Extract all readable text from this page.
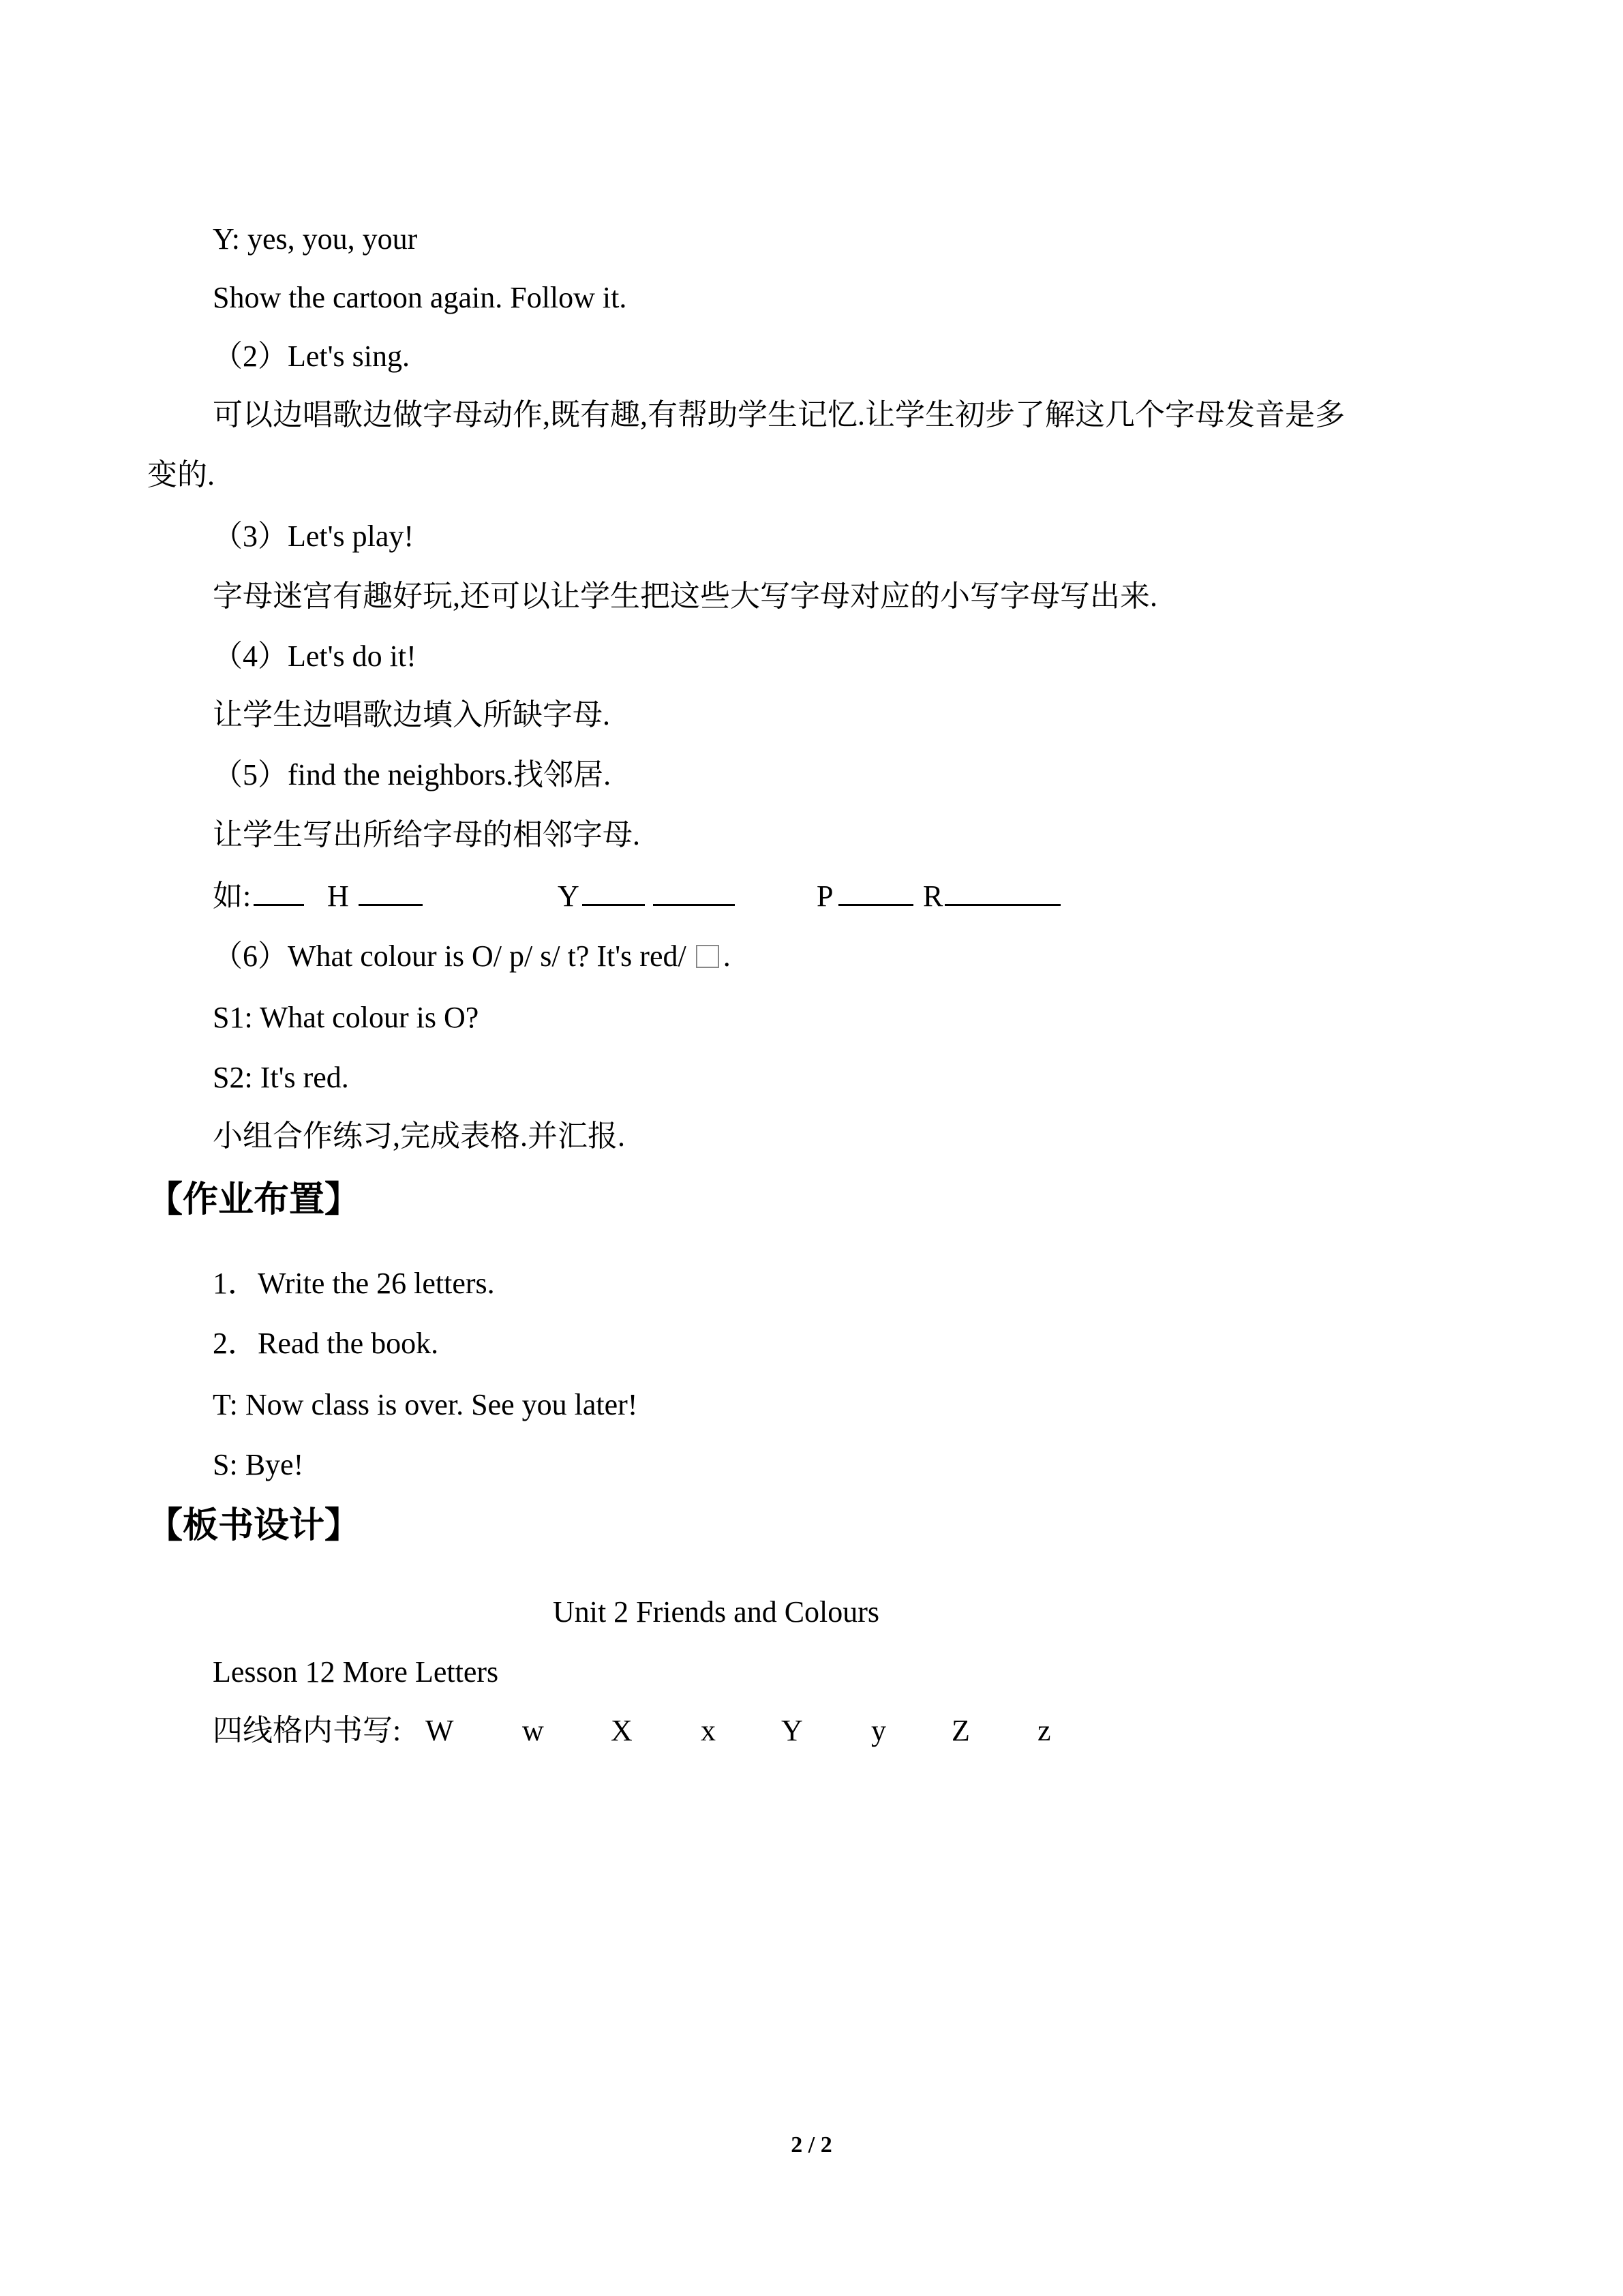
Y: yes, you, your
Show the cartoon again. Follow it.
（2）Let's sing.
可以边唱歌边做字母动作,既有趣,有帮助学生记忆.让学生初步了解这几个字母发音是多
变的.
（3）Let's play!
字母迷宫有趣好玩,还可以让学生把这些大写字母对应的小写字母写出来.
（4）Let's do it!
让学生边唱歌边填入所缺字母.
（5）find the neighbors.找邻居.
让学生写出所给字母的相邻字母.
如:	H	Y	P	R
（6）What colour is O/ p/ s/ t? It's red/ .
S1: What colour is O?
S2: It's red.
小组合作练习,完成表格.并汇报.
【作业布置】
1．Write the 26 letters.
2．Read the book.
T: Now class is over. See you later!
S: Bye!
【板书设计】
Unit 2 Friends and Colours
Lesson 12 More Letters
四线格内书写: W w X x Y y Z z
2 / 2
